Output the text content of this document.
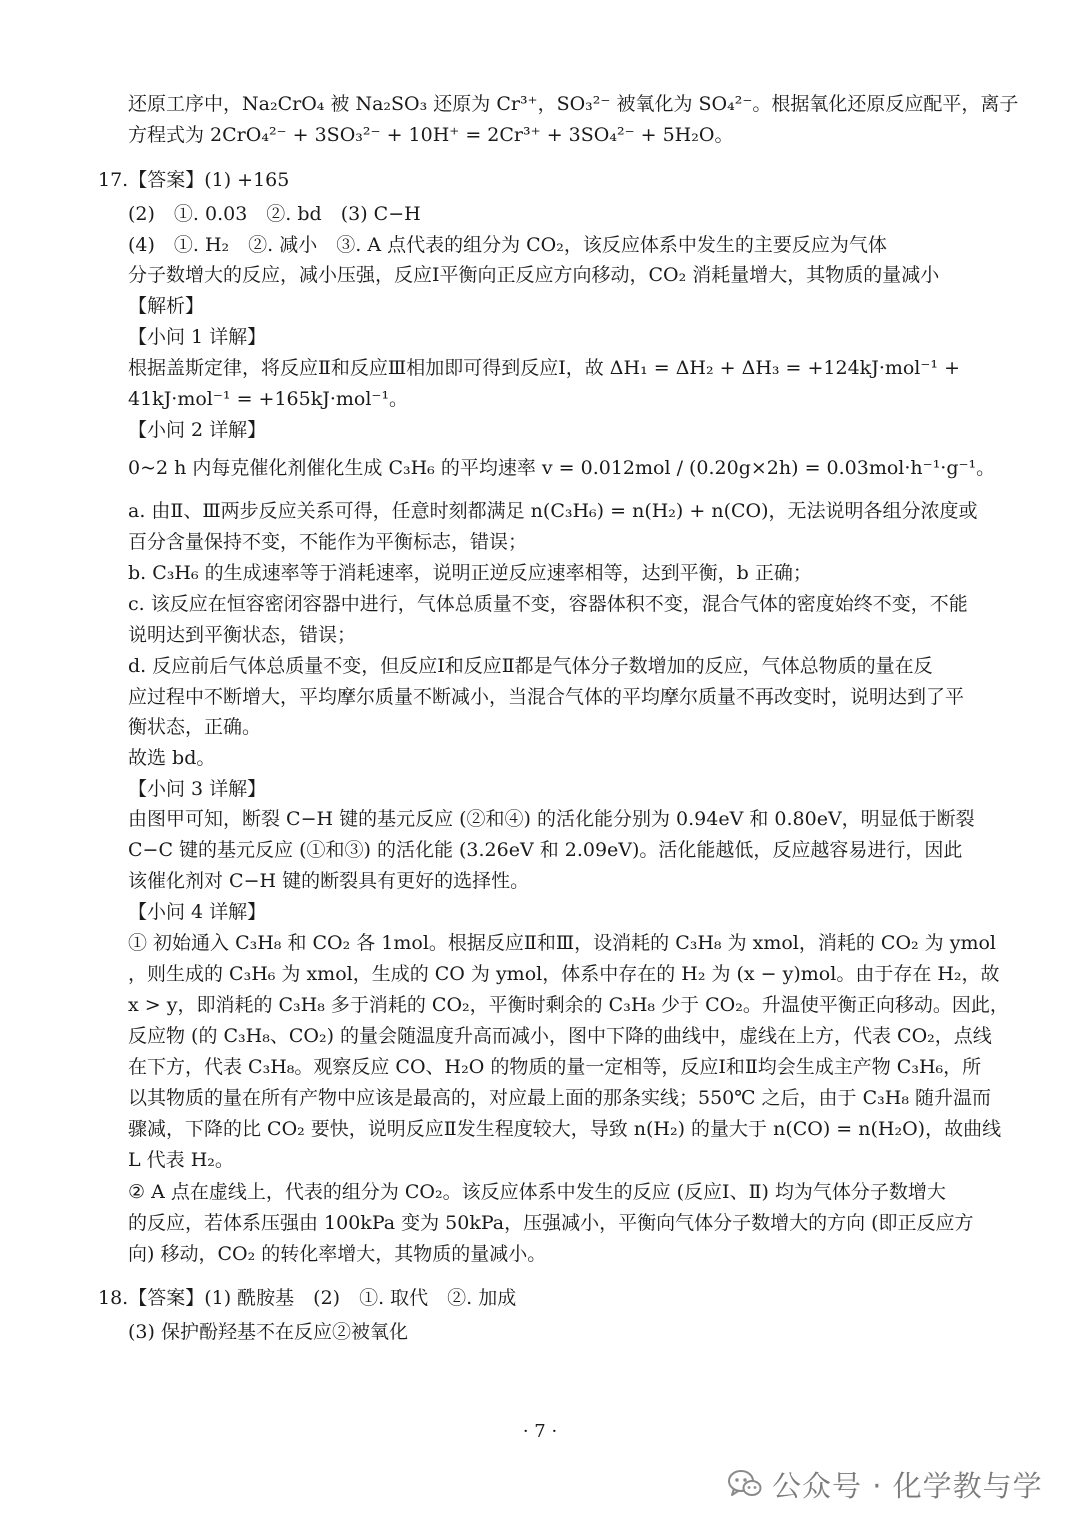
还原工序中，Na₂CrO₄ 被 Na₂SO₃ 还原为 Cr³⁺，SO₃²⁻ 被氧化为 SO₄²⁻。根据氧化还原反应配平，离子
方程式为 2CrO₄²⁻ + 3SO₃²⁻ + 10H⁺ = 2Cr³⁺ + 3SO₄²⁻ + 5H₂O。
17.【答案】(1) +165
(2)　①. 0.03　②. bd　(3) C−H
(4)　①. H₂　②. 减小　③. A 点代表的组分为 CO₂，该反应体系中发生的主要反应为气体
分子数增大的反应，减小压强，反应Ⅰ平衡向正反应方向移动，CO₂ 消耗量增大，其物质的量减小
【解析】
【小问 1 详解】
根据盖斯定律，将反应Ⅱ和反应Ⅲ相加即可得到反应Ⅰ，故 ΔH₁ = ΔH₂ + ΔH₃ = +124kJ·mol⁻¹ +
41kJ·mol⁻¹ = +165kJ·mol⁻¹。
【小问 2 详解】
0~2 h 内每克催化剂催化生成 C₃H₆ 的平均速率 v = 0.012mol / (0.20g×2h) = 0.03mol·h⁻¹·g⁻¹。
a. 由Ⅱ、Ⅲ两步反应关系可得，任意时刻都满足 n(C₃H₆) = n(H₂) + n(CO)，无法说明各组分浓度或
百分含量保持不变，不能作为平衡标志，错误；
b. C₃H₆ 的生成速率等于消耗速率，说明正逆反应速率相等，达到平衡，b 正确；
c. 该反应在恒容密闭容器中进行，气体总质量不变，容器体积不变，混合气体的密度始终不变，不能
说明达到平衡状态，错误；
d. 反应前后气体总质量不变，但反应Ⅰ和反应Ⅱ都是气体分子数增加的反应，气体总物质的量在反
应过程中不断增大，平均摩尔质量不断减小，当混合气体的平均摩尔质量不再改变时，说明达到了平
衡状态，正确。
故选 bd。
【小问 3 详解】
由图甲可知，断裂 C−H 键的基元反应 (②和④) 的活化能分别为 0.94eV 和 0.80eV，明显低于断裂
C−C 键的基元反应 (①和③) 的活化能 (3.26eV 和 2.09eV)。活化能越低，反应越容易进行，因此
该催化剂对 C−H 键的断裂具有更好的选择性。
【小问 4 详解】
① 初始通入 C₃H₈ 和 CO₂ 各 1mol。根据反应Ⅱ和Ⅲ，设消耗的 C₃H₈ 为 xmol，消耗的 CO₂ 为 ymol
，则生成的 C₃H₆ 为 xmol，生成的 CO 为 ymol，体系中存在的 H₂ 为 (x − y)mol。由于存在 H₂，故
x > y，即消耗的 C₃H₈ 多于消耗的 CO₂，平衡时剩余的 C₃H₈ 少于 CO₂。升温使平衡正向移动。因此，
反应物 (的 C₃H₈、CO₂) 的量会随温度升高而减小，图中下降的曲线中，虚线在上方，代表 CO₂，点线
在下方，代表 C₃H₈。观察反应 CO、H₂O 的物质的量一定相等，反应Ⅰ和Ⅱ均会生成主产物 C₃H₆，所
以其物质的量在所有产物中应该是最高的，对应最上面的那条实线；550℃ 之后，由于 C₃H₈ 随升温而
骤减，下降的比 CO₂ 要快，说明反应Ⅱ发生程度较大，导致 n(H₂) 的量大于 n(CO) = n(H₂O)，故曲线
L 代表 H₂。
② A 点在虚线上，代表的组分为 CO₂。该反应体系中发生的反应 (反应Ⅰ、Ⅱ) 均为气体分子数增大
的反应，若体系压强由 100kPa 变为 50kPa，压强减小，平衡向气体分子数增大的方向 (即正反应方
向) 移动，CO₂ 的转化率增大，其物质的量减小。
18.【答案】(1) 酰胺基　(2)　①. 取代　②. 加成
(3) 保护酚羟基不在反应②被氧化
· 7 ·
公众号 · 化学教与学
